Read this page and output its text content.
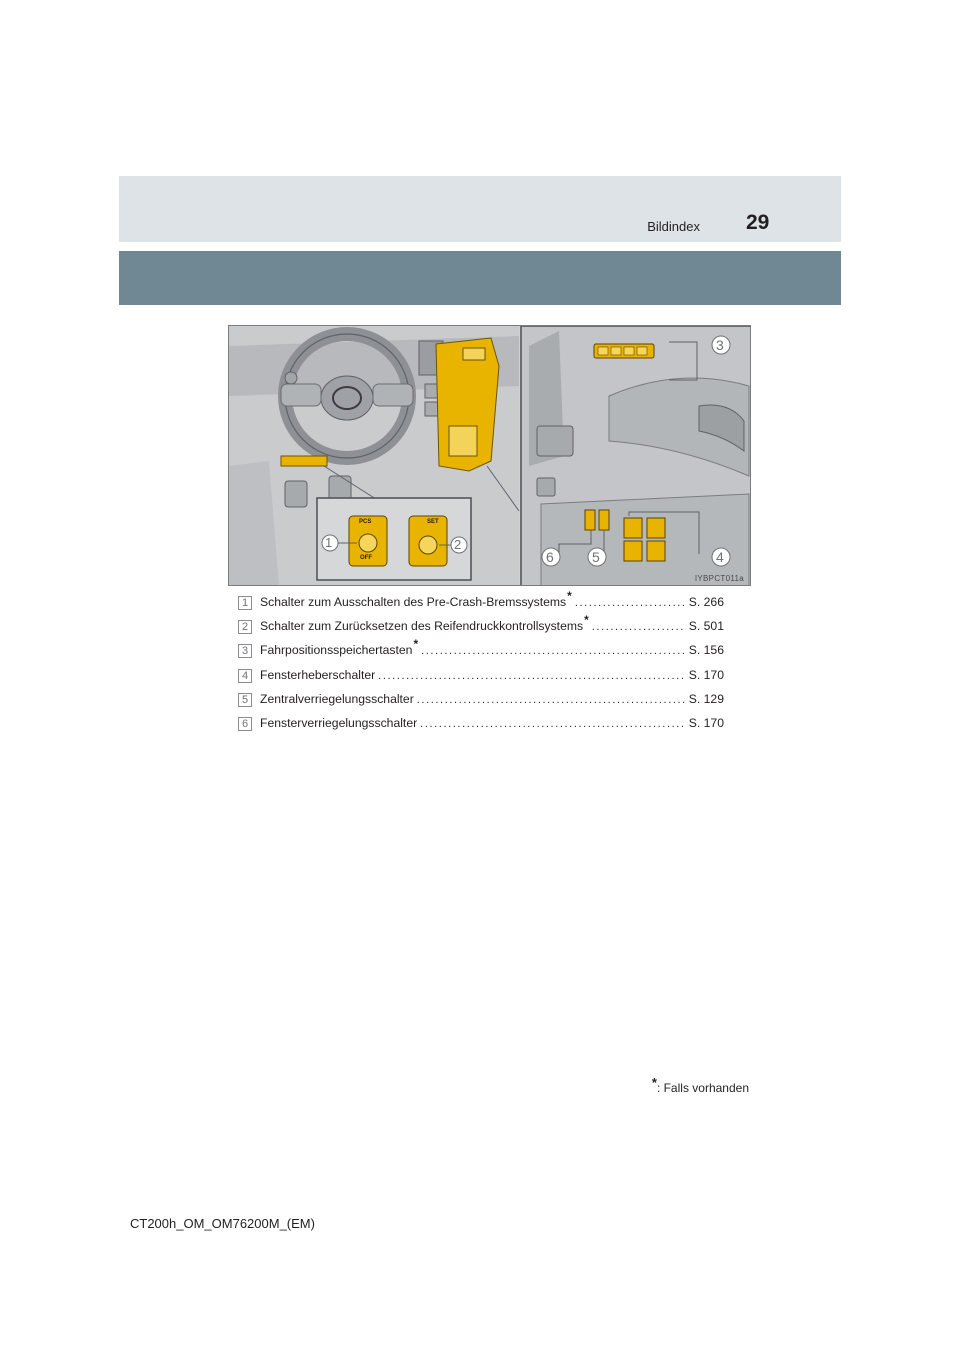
Bildindex 29
1	2
3
4
5
6
PCS
OFF
SET
IYBPCT011a
1 Schalter zum Ausschalten des Pre-Crash-Bremssystems * .....	S. 266
2 Schalter zum Zurücksetzen des Reifendruckkontrollsystems * .....	S. 501
3 Fahrpositionsspeichertasten * .....	S. 156
4 Fensterheberschalter .....	S. 170
5 Zentralverriegelungsschalter .....	S. 129
6 Fensterverriegelungsschalter .....	S. 170
*: Falls vorhanden
CT200h_OM_OM76200M_(EM)
